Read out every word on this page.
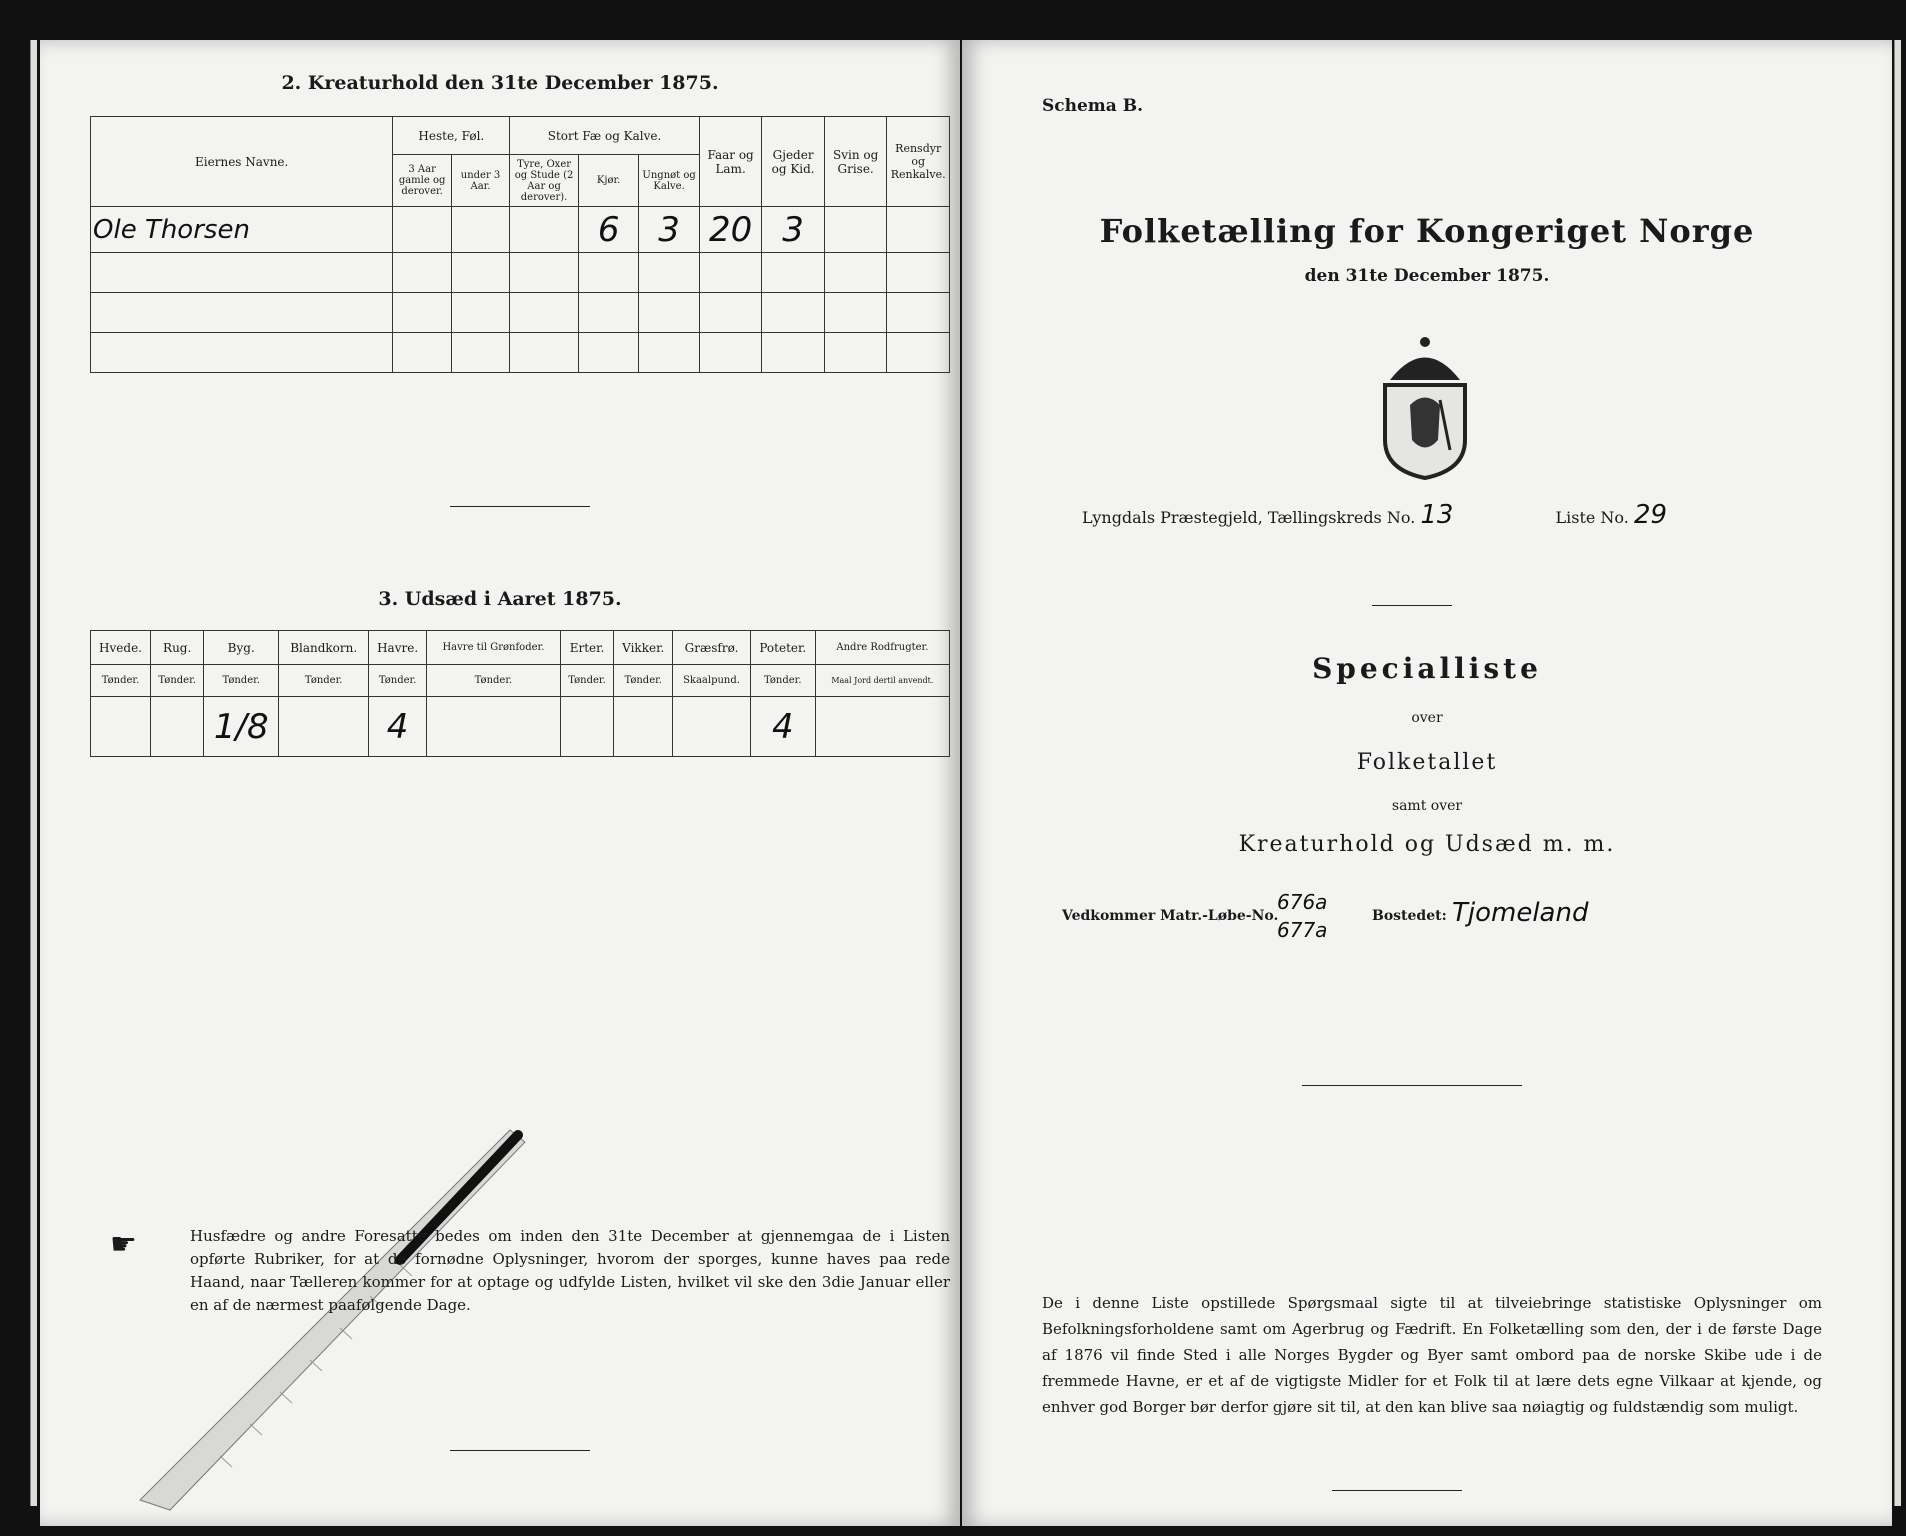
2. Kreaturhold den 31te December 1875.
Eiernes Navne.	Heste, Føl.		Stort Fæ og Kalve.			Faar og Lam.	Gjeder og Kid.	Svin og Grise.	Rensdyr og Renkalve.
	3 Aar gamle og derover.	under 3 Aar.	Tyre, Oxer og Stude (2 Aar og derover).	Kjør.	Ungnøt og Kalve.				
Ole Thorsen				6	3	20	3		

3. Udsæd i Aaret 1875.
Hvede.	Rug.	Byg.	Blandkorn.	Havre.	Havre til Grønfoder.	Erter.	Vikker.	Græsfrø.	Poteter.	Andre Rodfrugter.
Tønder.	Tønder.	Tønder.	Tønder.	Tønder.	Tønder.	Tønder.	Tønder.	Skaalpund.	Tønder.	Maal Jord dertil anvendt.
		1/8		4					4	
☛	Husfædre og andre Foresatte bedes om inden den 31te December at gjennemgaa de i Listen opførte Rubriker, for at de fornødne Oplysninger, hvorom der sporges, kunne haves paa rede Haand, naar Tælleren kommer for at optage og udfylde Listen, hvilket vil ske den 3die Januar eller en af de nærmest paafølgende Dage.
Schema B.
Folketælling for Kongeriget Norge
den 31te December 1875.
Lyngdals Præstegjeld, Tællingskreds No. 13	Liste No. 29
Specialliste
over
Folketallet
samt over
Kreaturhold og Udsæd m. m.
Vedkommer Matr.-Løbe-No.
676a
677a
Bostedet: Tjomeland
De i denne Liste opstillede Spørgsmaal sigte til at tilveiebringe statistiske Oplysninger om Befolkningsforholdene samt om Agerbrug og Fædrift. En Folketælling som den, der i de første Dage af 1876 vil finde Sted i alle Norges Bygder og Byer samt ombord paa de norske Skibe ude i de fremmede Havne, er et af de vigtigste Midler for et Folk til at lære dets egne Vilkaar at kjende, og enhver god Borger bør derfor gjøre sit til, at den kan blive saa nøiagtig og fuldstændig som muligt.
